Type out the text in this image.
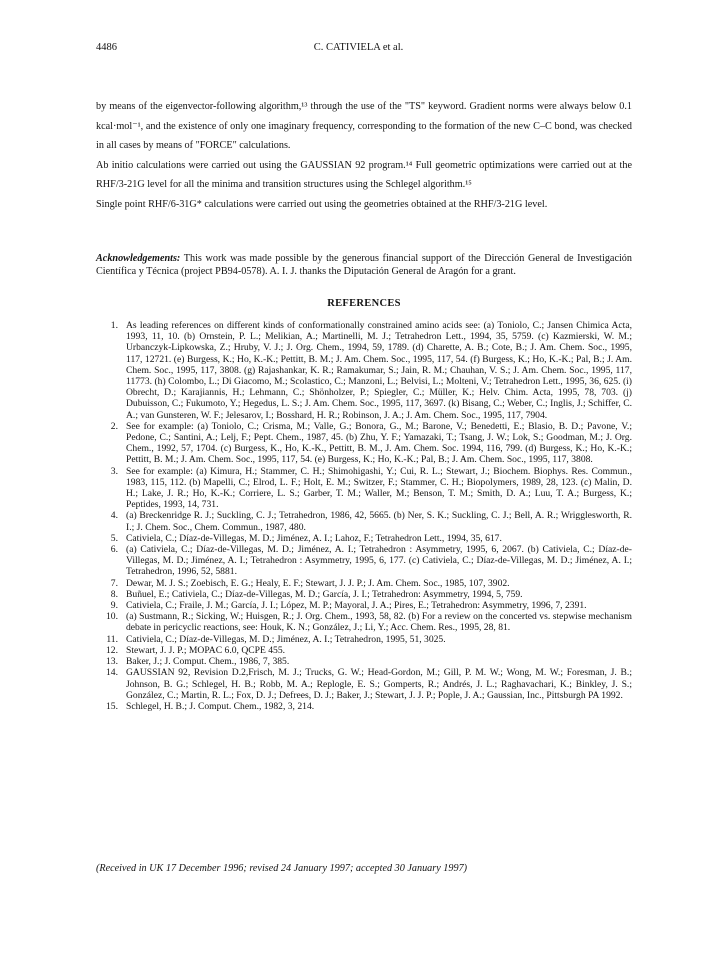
4486	C. CATIVIELA et al.

by means of the eigenvector-following algorithm,¹³ through the use of the "TS" keyword. Gradient norms were always below 0.1 kcal·mol⁻¹, and the existence of only one imaginary frequency, corresponding to the formation of the new C–C bond, was checked in all cases by means of "FORCE" calculations.

Ab initio calculations were carried out using the GAUSSIAN 92 program.¹⁴ Full geometric optimizations were carried out at the RHF/3-21G level for all the minima and transition structures using the Schlegel algorithm.¹⁵

Single point RHF/6-31G* calculations were carried out using the geometries obtained at the RHF/3-21G level.

Acknowledgements: This work was made possible by the generous financial support of the Dirección General de Investigación Científica y Técnica (project PB94-0578). A. I. J. thanks the Diputación General de Aragón for a grant.
REFERENCES
1. As leading references on different kinds of conformationally constrained amino acids see: (a) Toniolo, C.; Jansen Chimica Acta, 1993, 11, 10. (b) Ornstein, P. L.; Melikian, A.; Martinelli, M. J.; Tetrahedron Lett., 1994, 35, 5759. (c) Kazmierski, W. M.; Urbanczyk-Lipkowska, Z.; Hruby, V. J.; J. Org. Chem., 1994, 59, 1789. (d) Charette, A. B.; Cote, B.; J. Am. Chem. Soc., 1995, 117, 12721. (e) Burgess, K.; Ho, K.-K.; Pettitt, B. M.; J. Am. Chem. Soc., 1995, 117, 54. (f) Burgess, K.; Ho, K.-K.; Pal, B.; J. Am. Chem. Soc., 1995, 117, 3808. (g) Rajashankar, K. R.; Ramakumar, S.; Jain, R. M.; Chauhan, V. S.; J. Am. Chem. Soc., 1995, 117, 11773. (h) Colombo, L.; Di Giacomo, M.; Scolastico, C.; Manzoni, L.; Belvisi, L.; Molteni, V.; Tetrahedron Lett., 1995, 36, 625. (i) Obrecht, D.; Karajiannis, H.; Lehmann, C.; Shönholzer, P.; Spiegler, C.; Müller, K.; Helv. Chim. Acta, 1995, 78, 703. (j) Dubuisson, C.; Fukumoto, Y.; Hegedus, L. S.; J. Am. Chem. Soc., 1995, 117, 3697. (k) Bisang, C.; Weber, C.; Inglis, J.; Schiffer, C. A.; van Gunsteren, W. F.; Jelesarov, I.; Bosshard, H. R.; Robinson, J. A.; J. Am. Chem. Soc., 1995, 117, 7904.
2. See for example: (a) Toniolo, C.; Crisma, M.; Valle, G.; Bonora, G., M.; Barone, V.; Benedetti, E.; Blasio, B. D.; Pavone, V.; Pedone, C.; Santini, A.; Lelj, F.; Pept. Chem., 1987, 45. (b) Zhu, Y. F.; Yamazaki, T.; Tsang, J. W.; Lok, S.; Goodman, M.; J. Org. Chem., 1992, 57, 1704. (c) Burgess, K., Ho, K.-K., Pettitt, B. M., J. Am. Chem. Soc. 1994, 116, 799. (d) Burgess, K.; Ho, K.-K.; Pettitt, B. M.; J. Am. Chem. Soc., 1995, 117, 54. (e) Burgess, K.; Ho, K.-K.; Pal, B.; J. Am. Chem. Soc., 1995, 117, 3808.
3. See for example: (a) Kimura, H.; Stammer, C. H.; Shimohigashi, Y.; Cui, R. L.; Stewart, J.; Biochem. Biophys. Res. Commun., 1983, 115, 112. (b) Mapelli, C.; Elrod, L. F.; Holt, E. M.; Switzer, F.; Stammer, C. H.; Biopolymers, 1989, 28, 123. (c) Malin, D. H.; Lake, J. R.; Ho, K.-K.; Corriere, L. S.; Garber, T. M.; Waller, M.; Benson, T. M.; Smith, D. A.; Luu, T. A.; Burgess, K.; Peptides, 1993, 14, 731.
4. (a) Breckenridge R. J.; Suckling, C. J.; Tetrahedron, 1986, 42, 5665. (b) Ner, S. K.; Suckling, C. J.; Bell, A. R.; Wrigglesworth, R. I.; J. Chem. Soc., Chem. Commun., 1987, 480.
5. Cativiela, C.; Díaz-de-Villegas, M. D.; Jiménez, A. I.; Lahoz, F.; Tetrahedron Lett., 1994, 35, 617.
6. (a) Cativiela, C.; Díaz-de-Villegas, M. D.; Jiménez, A. I.; Tetrahedron : Asymmetry, 1995, 6, 2067. (b) Cativiela, C.; Díaz-de-Villegas, M. D.; Jiménez, A. I.; Tetrahedron : Asymmetry, 1995, 6, 177. (c) Cativiela, C.; Díaz-de-Villegas, M. D.; Jiménez, A. I.; Tetrahedron, 1996, 52, 5881.
7. Dewar, M. J. S.; Zoebisch, E. G.; Healy, E. F.; Stewart, J. J. P.; J. Am. Chem. Soc., 1985, 107, 3902.
8. Buñuel, E.; Cativiela, C.; Díaz-de-Villegas, M. D.; García, J. I.; Tetrahedron: Asymmetry, 1994, 5, 759.
9. Cativiela, C.; Fraile, J. M.; García, J. I.; López, M. P.; Mayoral, J. A.; Pires, E.; Tetrahedron: Asymmetry, 1996, 7, 2391.
10. (a) Sustmann, R.; Sicking, W.; Huisgen, R.; J. Org. Chem., 1993, 58, 82. (b) For a review on the concerted vs. stepwise mechanism debate in pericyclic reactions, see: Houk, K. N.; González, J.; Li, Y.; Acc. Chem. Res., 1995, 28, 81.
11. Cativiela, C.; Díaz-de-Villegas, M. D.; Jiménez, A. I.; Tetrahedron, 1995, 51, 3025.
12. Stewart, J. J. P.; MOPAC 6.0, QCPE 455.
13. Baker, J.; J. Comput. Chem., 1986, 7, 385.
14. GAUSSIAN 92, Revision D.2,Frisch, M. J.; Trucks, G. W.; Head-Gordon, M.; Gill, P. M. W.; Wong, M. W.; Foresman, J. B.; Johnson, B. G.; Schlegel, H. B.; Robb, M. A.; Replogle, E. S.; Gomperts, R.; Andrés, J. L.; Raghavachari, K.; Binkley, J. S.; González, C.; Martin, R. L.; Fox, D. J.; Defrees, D. J.; Baker, J.; Stewart, J. J. P.; Pople, J. A.; Gaussian, Inc., Pittsburgh PA 1992.
15. Schlegel, H. B.; J. Comput. Chem., 1982, 3, 214.
(Received in UK 17 December 1996; revised 24 January 1997; accepted 30 January 1997)
